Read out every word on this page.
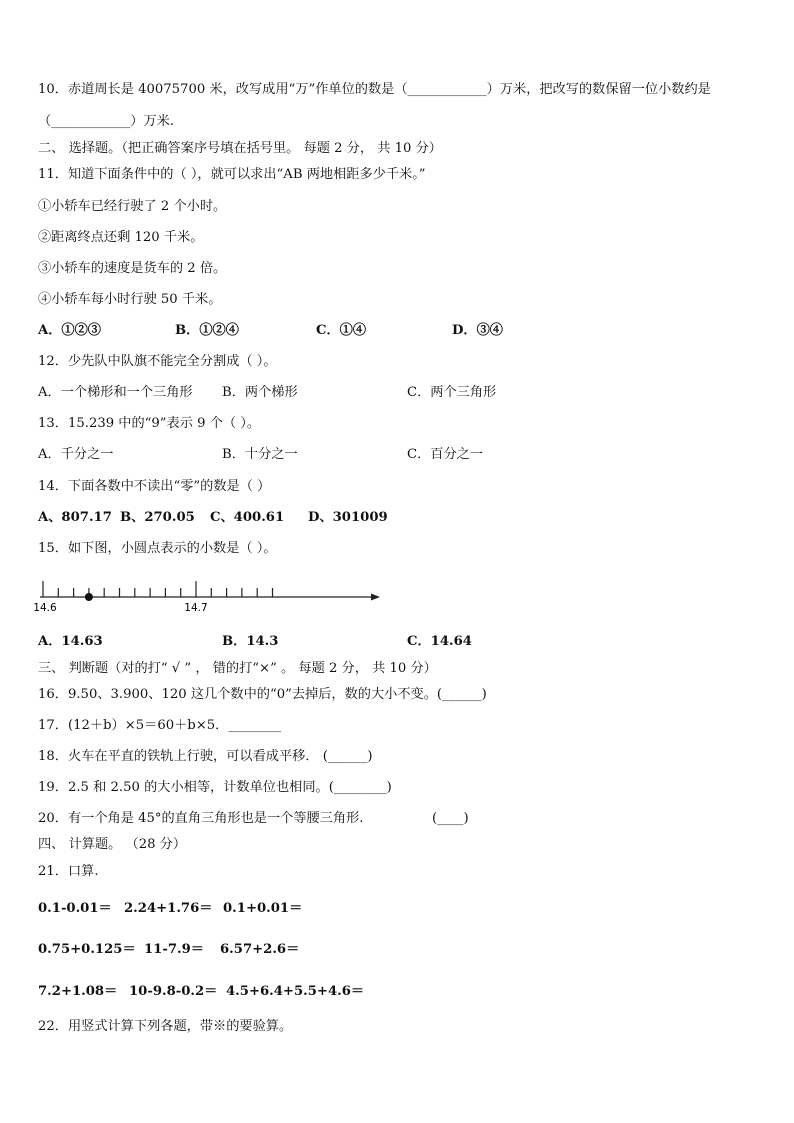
10．赤道周长是 40075700 米，改写成用“万”作单位的数是（____________）万米，把改写的数保留一位小数约是
（____________）万米.
二、 选择题。（把正确答案序号填在括号里。 每题 2 分， 共 10 分）
11．知道下面条件中的（ ），就可以求出“AB 两地相距多少千米。”
①小轿车已经行驶了 2 个小时。
②距离终点还剩 120 千米。
③小轿车的速度是货车的 2 倍。
④小轿车每小时行驶 50 千米。
A．①②③	B．①②④	C．①④	D．③④
12．少先队中队旗不能完全分割成（ ）。
A．一个梯形和一个三角形 B．两个梯形	C．两个三角形
13．15.239 中的“9”表示 9 个（ ）。
A．千分之一	B．十分之一	C．百分之一
14．下面各数中不读出“零”的数是（ ）
A、807.17 B、270.05 C、400.61 D、301009
15．如下图，小圆点表示的小数是（ ）。
14.6	14.7
A．14.63	B．14.3	C．14.64
三、 判断题（对的打“ √ ” ， 错的打“×” 。 每题 2 分， 共 10 分）
16．9.50、3.900、120 这几个数中的“0”去掉后，数的大小不变。(______)
17．(12＋b）×5＝60＋b×5．________
18．火车在平直的铁轨上行驶，可以看成平移． (______)
19．2.5 和 2.50 的大小相等，计数单位也相同。(________)
20．有一个角是 45°的直角三角形也是一个等腰三角形.	(____)
四、 计算题。 （28 分）
21．口算.
0.1-0.01＝ 2.24+1.76＝ 0.1+0.01＝
0.75+0.125＝ 11-7.9＝ 6.57+2.6＝
7.2+1.08＝ 10-9.8-0.2＝ 4.5+6.4+5.5+4.6＝
22．用竖式计算下列各题，带※的要验算。
